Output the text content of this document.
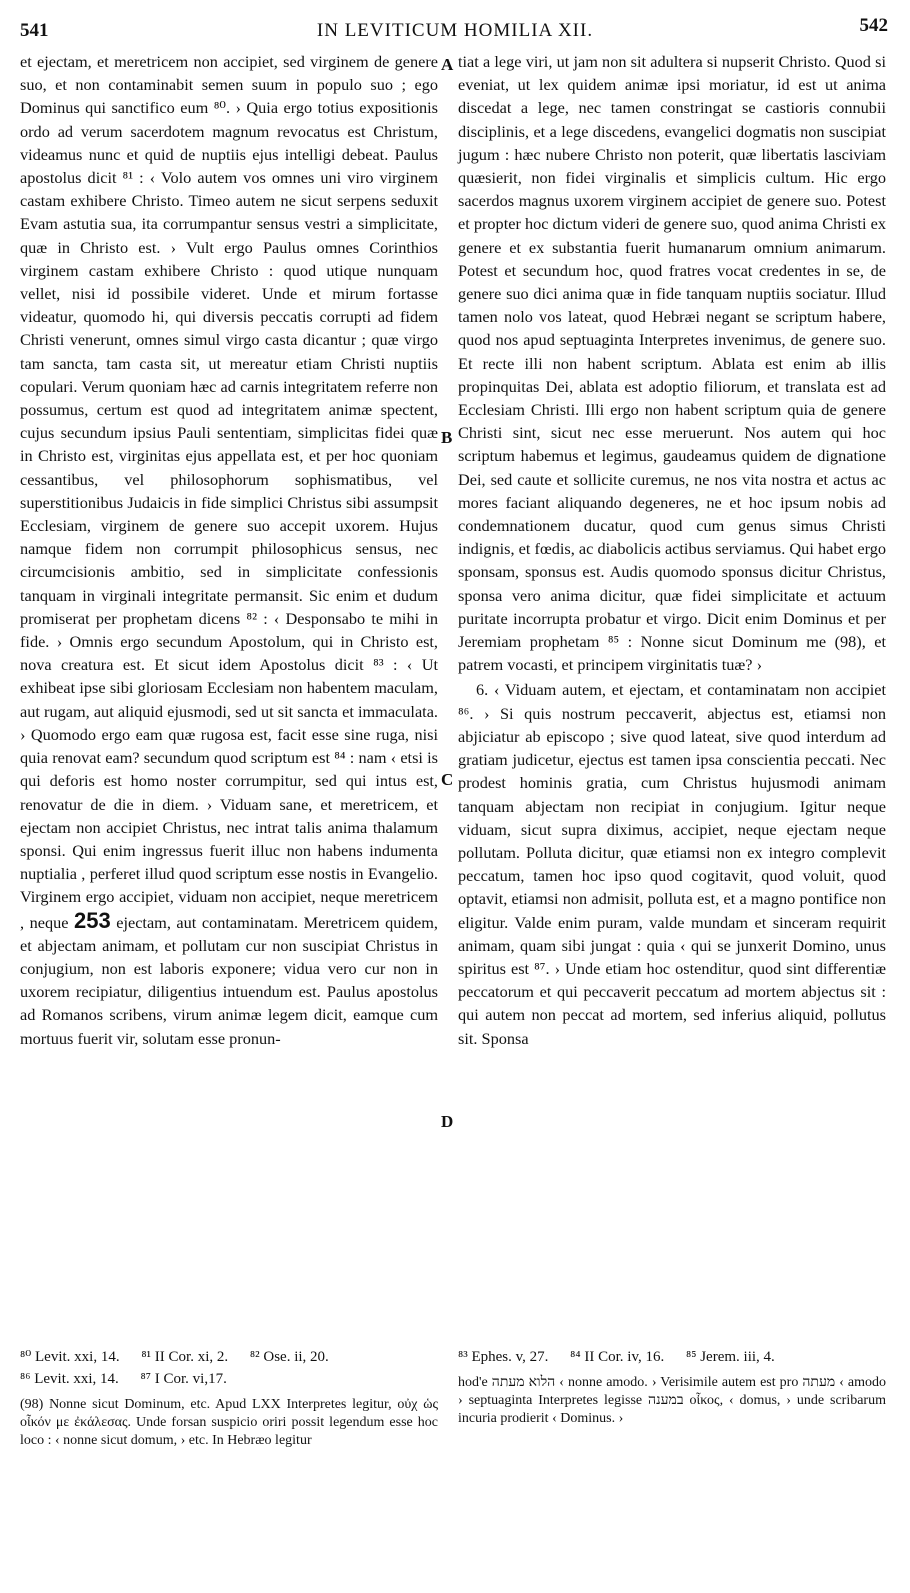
541	IN LEVITICUM HOMILIA XII.	542

et ejectam, et meretricem non accipiet, sed virginem de genere suo, et non contaminabit semen suum in populo suo ; ego Dominus qui sanctifico eum ⁸⁰. › Quia ergo totius expositionis ordo ad verum sacerdotem magnum revocatus est Christum, videamus nunc et quid de nuptiis ejus intelligi debeat. Paulus apostolus dicit ⁸¹ : ‹ Volo autem vos omnes uni viro virginem castam exhibere Christo. Timeo autem ne sicut serpens seduxit Evam astutia sua, ita corrumpantur sensus vestri a simplicitate, quæ in Christo est. › Vult ergo Paulus omnes Corinthios virginem castam exhibere Christo : quod utique nunquam vellet, nisi id possibile videret. Unde et mirum fortasse videatur, quomodo hi, qui diversis peccatis corrupti ad fidem Christi venerunt, omnes simul virgo casta dicantur ; quæ virgo tam sancta, tam casta sit, ut mereatur etiam Christi nuptiis copulari. Verum quoniam hæc ad carnis integritatem referre non possumus, certum est quod ad integritatem animæ spectent, cujus secundum ipsius Pauli sententiam, simplicitas fidei quæ in Christo est, virginitas ejus appellata est, et per hoc quoniam cessantibus, vel philosophorum sophismatibus, vel superstitionibus Judaicis in fide simplici Christus sibi assumpsit Ecclesiam, virginem de genere suo accepit uxorem. Hujus namque fidem non corrumpit philosophicus sensus, nec circumcisionis ambitio, sed in simplicitate confessionis tanquam in virginali integritate permansit. Sic enim et dudum promiserat per prophetam dicens ⁸² : ‹ Desponsabo te mihi in fide. › Omnis ergo secundum Apostolum, qui in Christo est, nova creatura est. Et sicut idem Apostolus dicit ⁸³ : ‹ Ut exhibeat ipse sibi gloriosam Ecclesiam non habentem maculam, aut rugam, aut aliquid ejusmodi, sed ut sit sancta et immaculata. › Quomodo ergo eam quæ rugosa est, facit esse sine ruga, nisi quia renovat eam? secundum quod scriptum est ⁸⁴ : nam ‹ etsi is qui deforis est homo noster corrumpitur, sed qui intus est, renovatur de die in diem. › Viduam sane, et meretricem, et ejectam non accipiet Christus, nec intrat talis anima thalamum sponsi. Qui enim ingressus fuerit illuc non habens indumenta nuptialia , perferet illud quod scriptum esse nostis in Evangelio. Virginem ergo accipiet, viduam non accipiet, neque meretricem , neque 253 ejectam, aut contaminatam. Meretricem quidem, et abjectam animam, et pollutam cur non suscipiat Christus in conjugium, non est laboris exponere; vidua vero cur non in uxorem recipiatur, diligentius intuendum est. Paulus apostolus ad Romanos scribens, virum animæ legem dicit, eamque cum mortuus fuerit vir, solutam esse pronun-

A
B
C
D

tiat a lege viri, ut jam non sit adultera si nupserit Christo. Quod si eveniat, ut lex quidem animæ ipsi moriatur, id est ut anima discedat a lege, nec tamen constringat se castioris connubii disciplinis, et a lege discedens, evangelici dogmatis non suscipiat jugum : hæc nubere Christo non poterit, quæ libertatis lasciviam quæsierit, non fidei virginalis et simplicis cultum. Hic ergo sacerdos magnus uxorem virginem accipiet de genere suo. Potest et propter hoc dictum videri de genere suo, quod anima Christi ex genere et ex substantia fuerit humanarum omnium animarum. Potest et secundum hoc, quod fratres vocat credentes in se, de genere suo dici anima quæ in fide tanquam nuptiis sociatur. Illud tamen nolo vos lateat, quod Hebræi negant se scriptum habere, quod nos apud septuaginta Interpretes invenimus, de genere suo. Et recte illi non habent scriptum. Ablata est enim ab illis propinquitas Dei, ablata est adoptio filiorum, et translata est ad Ecclesiam Christi. Illi ergo non habent scriptum quia de genere Christi sint, sicut nec esse meruerunt. Nos autem qui hoc scriptum habemus et legimus, gaudeamus quidem de dignatione Dei, sed caute et sollicite curemus, ne nos vita nostra et actus ac mores faciant aliquando degeneres, ne et hoc ipsum nobis ad condemnationem ducatur, quod cum genus simus Christi indignis, et fœdis, ac diabolicis actibus serviamus. Qui habet ergo sponsam, sponsus est. Audis quomodo sponsus dicitur Christus, sponsa vero anima dicitur, quæ fidei simplicitate et actuum puritate incorrupta probatur et virgo. Dicit enim Dominus et per Jeremiam prophetam ⁸⁵ : Nonne sicut Dominum me (98), et patrem vocasti, et principem virginitatis tuæ? ›

6. ‹ Viduam autem, et ejectam, et contaminatam non accipiet ⁸⁶. › Si quis nostrum peccaverit, abjectus est, etiamsi non abjiciatur ab episcopo ; sive quod lateat, sive quod interdum ad gratiam judicetur, ejectus est tamen ipsa conscientia peccati. Nec prodest hominis gratia, cum Christus hujusmodi animam tanquam abjectam non recipiat in conjugium. Igitur neque viduam, sicut supra diximus, accipiet, neque ejectam neque pollutam. Polluta dicitur, quæ etiamsi non ex integro complevit peccatum, tamen hoc ipso quod cogitavit, quod voluit, quod optavit, etiamsi non admisit, polluta est, et a magno pontifice non eligitur. Valde enim puram, valde mundam et sinceram requirit animam, quam sibi jungat : quia ‹ qui se junxerit Domino, unus spiritus est ⁸⁷. › Unde etiam hoc ostenditur, quod sint differentiæ peccatorum et qui peccaverit peccatum ad mortem abjectus sit : qui autem non peccat ad mortem, sed inferius aliquid, pollutus sit. Sponsa

⁸⁰ Levit. xxi, 14. ⁸¹ II Cor. xi, 2. ⁸² Ose. ii, 20.

⁸⁶ Levit. xxi, 14. ⁸⁷ I Cor. vi,17.

(98) Nonne sicut Dominum, etc. Apud LXX Interpretes legitur, οὐχ ὡς οἶκόν με ἐκάλεσας. Unde forsan suspicio oriri possit legendum esse hoc loco : ‹ nonne sicut domum, › etc. In Hebræo legitur

⁸³ Ephes. v, 27. ⁸⁴ II Cor. iv, 16. ⁸⁵ Jerem. iii, 4.

hod'e הלוא מעתה ‹ nonne amodo. › Verisimile autem est pro מעתה ‹ amodo › septuaginta Interpretes legisse במענה οἶκος, ‹ domus, › unde scribarum incuria prodierit ‹ Dominus. ›
